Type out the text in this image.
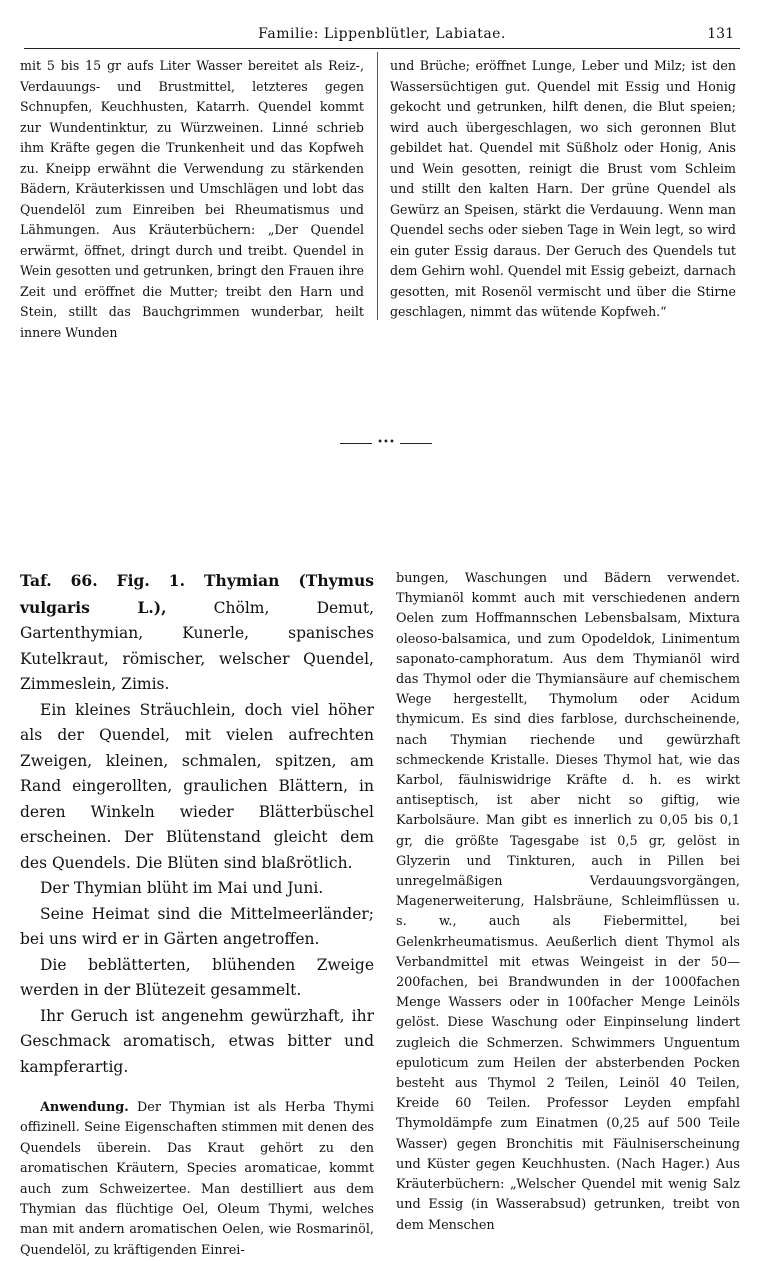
Familie: Lippenblütler, Labiatae.	131

mit 5 bis 15 gr aufs Liter Wasser bereitet als Reiz-, Verdauungs- und Brustmittel, letzteres gegen Schnupfen, Keuchhusten, Katarrh. Quendel kommt zur Wundentinktur, zu Würzweinen. Linné schrieb ihm Kräfte gegen die Trunkenheit und das Kopfweh zu. Kneipp erwähnt die Verwendung zu stärkenden Bädern, Kräuterkissen und Umschlägen und lobt das Quendelöl zum Einreiben bei Rheumatismus und Lähmungen. Aus Kräuterbüchern: „Der Quendel erwärmt, öffnet, dringt durch und treibt. Quendel in Wein gesotten und getrunken, bringt den Frauen ihre Zeit und eröffnet die Mutter; treibt den Harn und Stein, stillt das Bauchgrimmen wunderbar, heilt innere Wunden

und Brüche; eröffnet Lunge, Leber und Milz; ist den Wassersüchtigen gut. Quendel mit Essig und Honig gekocht und getrunken, hilft denen, die Blut speien; wird auch übergeschlagen, wo sich geronnen Blut gebildet hat. Quendel mit Süßholz oder Honig, Anis und Wein gesotten, reinigt die Brust vom Schleim und stillt den kalten Harn. Der grüne Quendel als Gewürz an Speisen, stärkt die Verdauung. Wenn man Quendel sechs oder sieben Tage in Wein legt, so wird ein guter Essig daraus. Der Geruch des Quendels tut dem Gehirn wohl. Quendel mit Essig gebeizt, darnach gesotten, mit Rosenöl vermischt und über die Stirne geschlagen, nimmt das wütende Kopfweh.“

•••

Taf. 66. Fig. 1. Thymian (Thymus vulgaris L.), Chölm, Demut, Gartenthymian, Kunerle, spanisches Kutelkraut, römischer, welscher Quendel, Zimmeslein, Zimis.

Ein kleines Sträuchlein, doch viel höher als der Quendel, mit vielen aufrechten Zweigen, kleinen, schmalen, spitzen, am Rand eingerollten, graulichen Blättern, in deren Winkeln wieder Blätterbüschel erscheinen. Der Blütenstand gleicht dem des Quendels. Die Blüten sind blaßrötlich.

Der Thymian blüht im Mai und Juni.

Seine Heimat sind die Mittelmeerländer; bei uns wird er in Gärten angetroffen.

Die beblätterten, blühenden Zweige werden in der Blütezeit gesammelt.

Ihr Geruch ist angenehm gewürzhaft, ihr Geschmack aromatisch, etwas bitter und kampferartig.

Anwendung. Der Thymian ist als Herba Thymi offizinell. Seine Eigenschaften stimmen mit denen des Quendels überein. Das Kraut gehört zu den aromatischen Kräutern, Species aromaticae, kommt auch zum Schweizertee. Man destilliert aus dem Thymian das flüchtige Oel, Oleum Thymi, welches man mit andern aromatischen Oelen, wie Rosmarinöl, Quendelöl, zu kräftigenden Einrei-

bungen, Waschungen und Bädern verwendet. Thymianöl kommt auch mit verschiedenen andern Oelen zum Hoffmannschen Lebensbalsam, Mixtura oleoso-balsamica, und zum Opodeldok, Linimentum saponato-camphoratum. Aus dem Thymianöl wird das Thymol oder die Thymiansäure auf chemischem Wege hergestellt, Thymolum oder Acidum thymicum. Es sind dies farblose, durchscheinende, nach Thymian riechende und gewürzhaft schmeckende Kristalle. Dieses Thymol hat, wie das Karbol, fäulniswidrige Kräfte d. h. es wirkt antiseptisch, ist aber nicht so giftig, wie Karbolsäure. Man gibt es innerlich zu 0,05 bis 0,1 gr, die größte Tagesgabe ist 0,5 gr, gelöst in Glyzerin und Tinkturen, auch in Pillen bei unregelmäßigen Verdauungsvorgängen, Magenerweiterung, Halsbräune, Schleimflüssen u. s. w., auch als Fiebermittel, bei Gelenkrheumatismus. Aeußerlich dient Thymol als Verbandmittel mit etwas Weingeist in der 50—200fachen, bei Brandwunden in der 1000fachen Menge Wassers oder in 100facher Menge Leinöls gelöst. Diese Waschung oder Einpinselung lindert zugleich die Schmerzen. Schwimmers Unguentum epuloticum zum Heilen der absterbenden Pocken besteht aus Thymol 2 Teilen, Leinöl 40 Teilen, Kreide 60 Teilen. Professor Leyden empfahl Thymoldämpfe zum Einatmen (0,25 auf 500 Teile Wasser) gegen Bronchitis mit Fäulniserscheinung und Küster gegen Keuchhusten. (Nach Hager.) Aus Kräuterbüchern: „Welscher Quendel mit wenig Salz und Essig (in Wasserabsud) getrunken, treibt von dem Menschen
